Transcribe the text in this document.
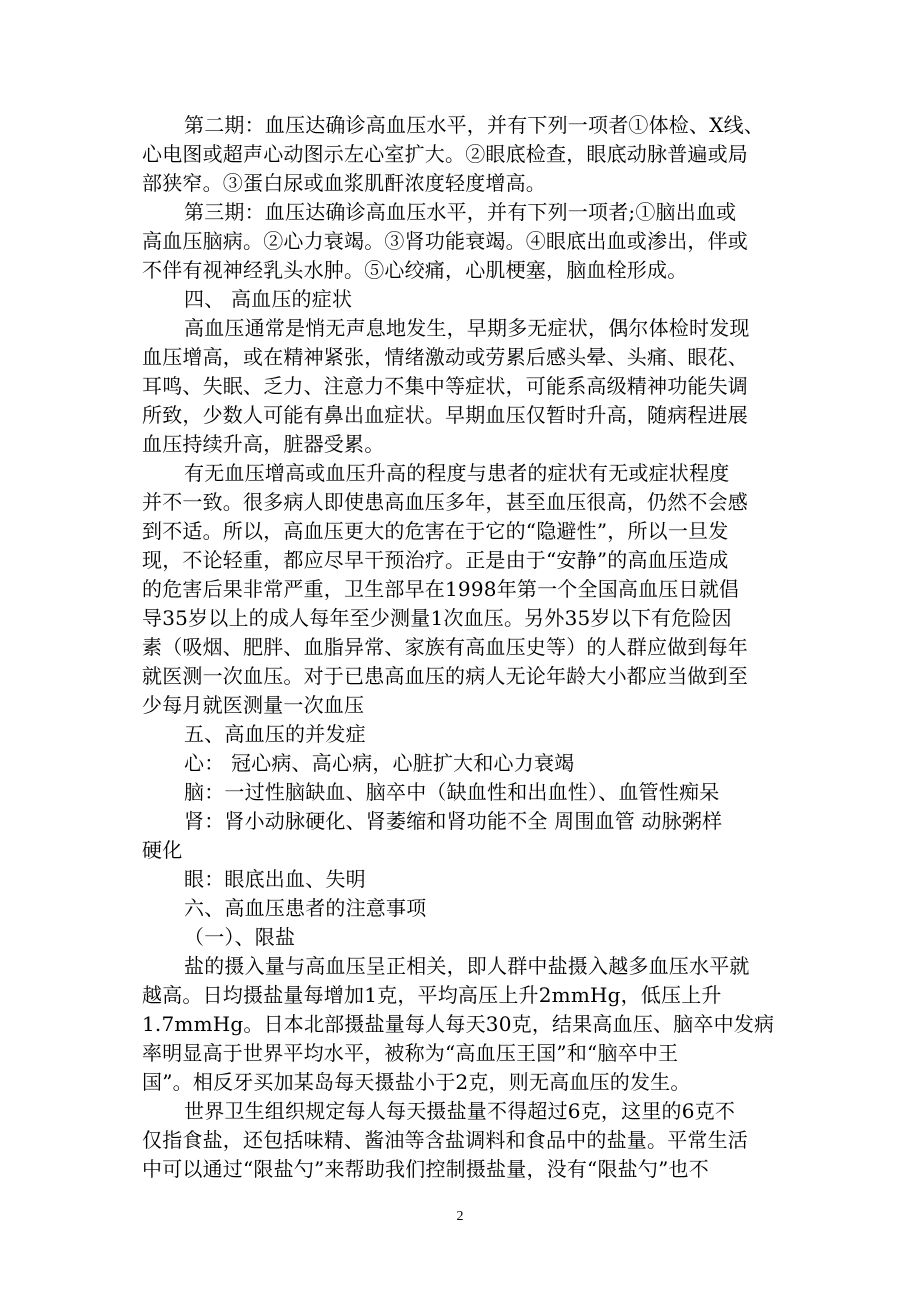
第二期：血压达确诊高血压水平，并有下列一项者①体检、X线、
心电图或超声心动图示左心室扩大。②眼底检查，眼底动脉普遍或局
部狭窄。③蛋白尿或血浆肌酐浓度轻度增高。
第三期：血压达确诊高血压水平，并有下列一项者;①脑出血或
高血压脑病。②心力衰竭。③肾功能衰竭。④眼底出血或渗出，伴或
不伴有视神经乳头水肿。⑤心绞痛，心肌梗塞，脑血栓形成。
四、 高血压的症状
高血压通常是悄无声息地发生，早期多无症状，偶尔体检时发现
血压增高，或在精神紧张，情绪激动或劳累后感头晕、头痛、眼花、
耳鸣、失眠、乏力、注意力不集中等症状，可能系高级精神功能失调
所致，少数人可能有鼻出血症状。早期血压仅暂时升高，随病程进展
血压持续升高，脏器受累。
有无血压增高或血压升高的程度与患者的症状有无或症状程度
并不一致。很多病人即使患高血压多年，甚至血压很高，仍然不会感
到不适。所以，高血压更大的危害在于它的“隐避性”，所以一旦发
现，不论轻重，都应尽早干预治疗。正是由于“安静”的高血压造成
的危害后果非常严重，卫生部早在1998年第一个全国高血压日就倡
导35岁以上的成人每年至少测量1次血压。另外35岁以下有危险因
素（吸烟、肥胖、血脂异常、家族有高血压史等）的人群应做到每年
就医测一次血压。对于已患高血压的病人无论年龄大小都应当做到至
少每月就医测量一次血压
五、高血压的并发症
心： 冠心病、高心病，心脏扩大和心力衰竭
脑：一过性脑缺血、脑卒中（缺血性和出血性）、血管性痴呆
肾：肾小动脉硬化、肾萎缩和肾功能不全 周围血管 动脉粥样
硬化
眼：眼底出血、失明
六、高血压患者的注意事项
（一）、限盐
盐的摄入量与高血压呈正相关，即人群中盐摄入越多血压水平就
越高。日均摄盐量每增加1克，平均高压上升2mmHg，低压上升
1.7mmHg。日本北部摄盐量每人每天30克，结果高血压、脑卒中发病
率明显高于世界平均水平，被称为“高血压王国”和“脑卒中王
国”。相反牙买加某岛每天摄盐小于2克，则无高血压的发生。
世界卫生组织规定每人每天摄盐量不得超过6克，这里的6克不
仅指食盐，还包括味精、酱油等含盐调料和食品中的盐量。平常生活
中可以通过“限盐勺”来帮助我们控制摄盐量，没有“限盐勺”也不
2
